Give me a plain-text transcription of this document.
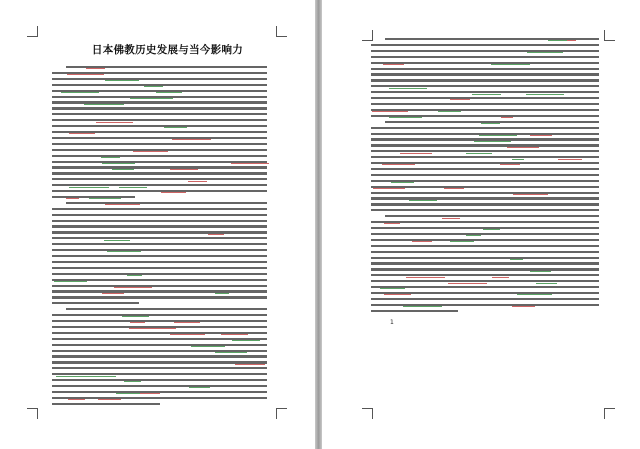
日本佛教历史发展与当今影响力
1
